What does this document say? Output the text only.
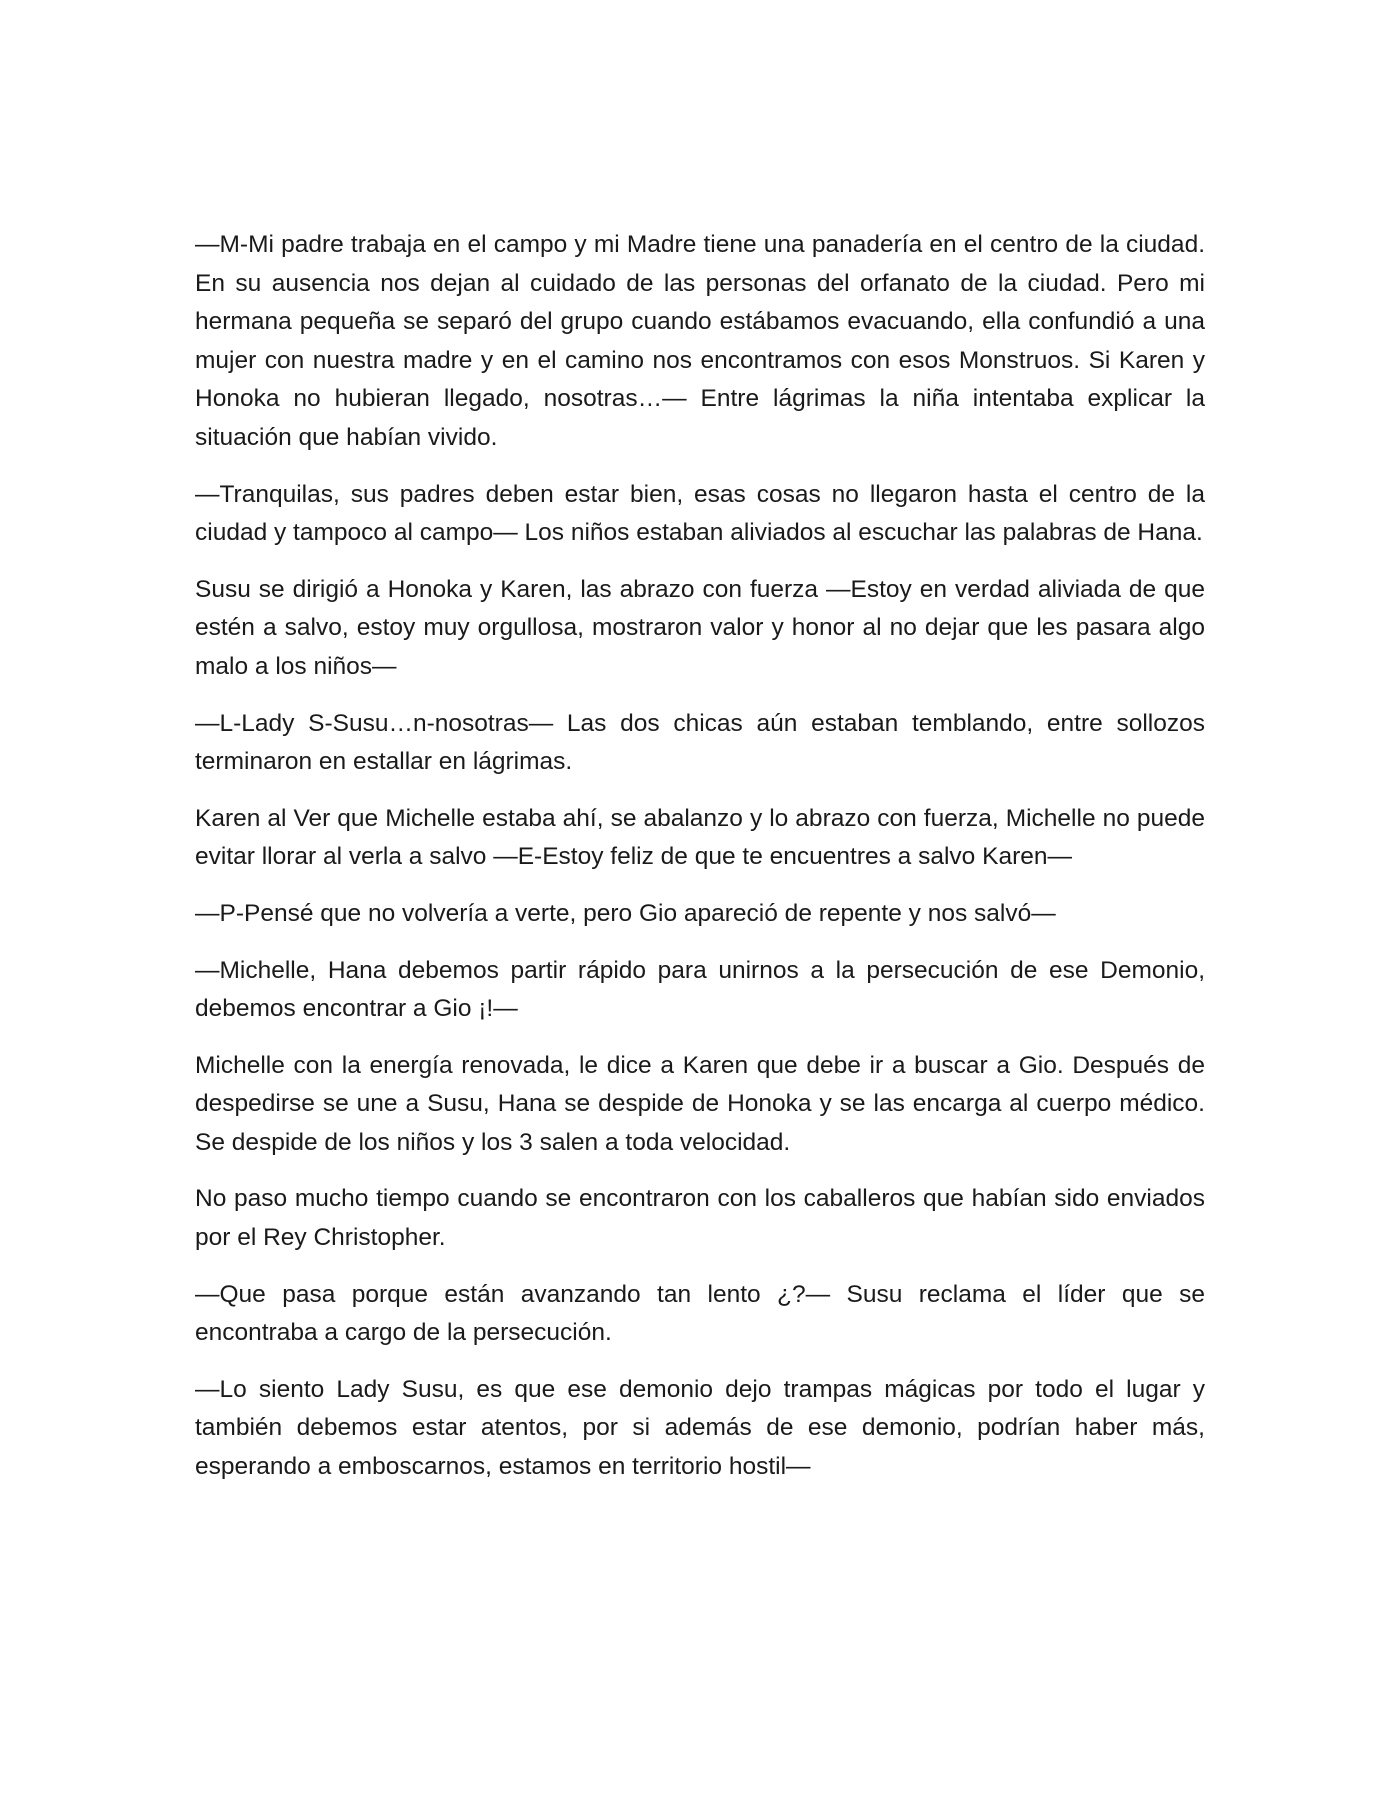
—M-Mi padre trabaja en el campo y mi Madre tiene una panadería en el centro de la ciudad. En su ausencia nos dejan al cuidado de las personas del orfanato de la ciudad. Pero mi hermana pequeña se separó del grupo cuando estábamos evacuando, ella confundió a una mujer con nuestra madre y en el camino nos encontramos con esos Monstruos. Si Karen y Honoka no hubieran llegado, nosotras…— Entre lágrimas la niña intentaba explicar la situación que habían vivido.

—Tranquilas, sus padres deben estar bien, esas cosas no llegaron hasta el centro de la ciudad y tampoco al campo— Los niños estaban aliviados al escuchar las palabras de Hana.

Susu se dirigió a Honoka y Karen, las abrazo con fuerza —Estoy en verdad aliviada de que estén a salvo, estoy muy orgullosa, mostraron valor y honor al no dejar que les pasara algo malo a los niños—

—L-Lady S-Susu…n-nosotras— Las dos chicas aún estaban temblando, entre sollozos terminaron en estallar en lágrimas.

Karen al Ver que Michelle estaba ahí, se abalanzo y lo abrazo con fuerza, Michelle no puede evitar llorar al verla a salvo —E-Estoy feliz de que te encuentres a salvo Karen—

—P-Pensé que no volvería a verte, pero Gio apareció de repente y nos salvó—

—Michelle, Hana debemos partir rápido para unirnos a la persecución de ese Demonio, debemos encontrar a Gio ¡!—

Michelle con la energía renovada, le dice a Karen que debe ir a buscar a Gio. Después de despedirse se une a Susu, Hana se despide de Honoka y se las encarga al cuerpo médico. Se despide de los niños y los 3 salen a toda velocidad.

No paso mucho tiempo cuando se encontraron con los caballeros que habían sido enviados por el Rey Christopher.

—Que pasa porque están avanzando tan lento ¿?— Susu reclama el líder que se encontraba a cargo de la persecución.

—Lo siento Lady Susu, es que ese demonio dejo trampas mágicas por todo el lugar y también debemos estar atentos, por si además de ese demonio, podrían haber más, esperando a emboscarnos, estamos en territorio hostil—
